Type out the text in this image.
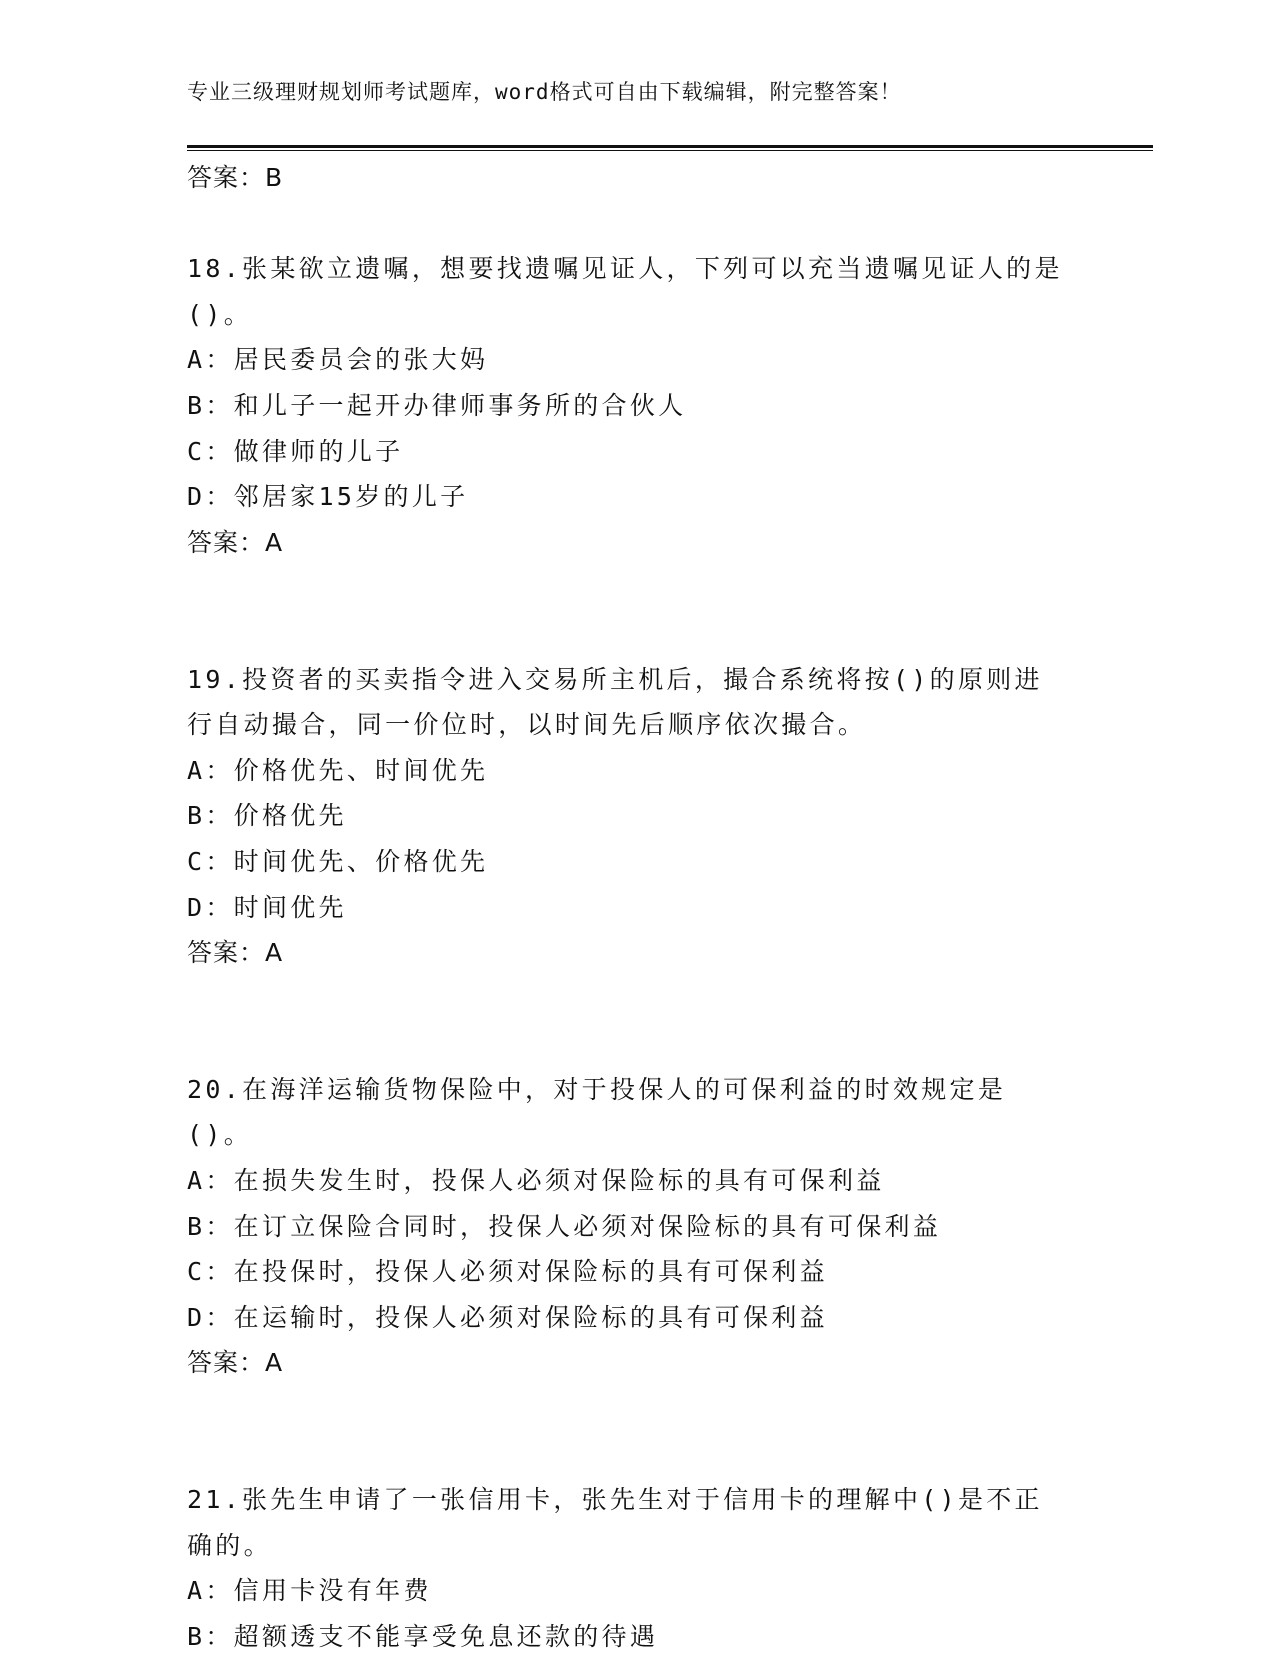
专业三级理财规划师考试题库，word格式可自由下载编辑，附完整答案！
答案：B
18.张某欲立遗嘱，想要找遗嘱见证人，下列可以充当遗嘱见证人的是()。
A：居民委员会的张大妈
B：和儿子一起开办律师事务所的合伙人
C：做律师的儿子
D：邻居家15岁的儿子
答案：A
19.投资者的买卖指令进入交易所主机后，撮合系统将按()的原则进行自动撮合，同一价位时，以时间先后顺序依次撮合。
A：价格优先、时间优先
B：价格优先
C：时间优先、价格优先
D：时间优先
答案：A
20.在海洋运输货物保险中，对于投保人的可保利益的时效规定是()。
A：在损失发生时，投保人必须对保险标的具有可保利益
B：在订立保险合同时，投保人必须对保险标的具有可保利益
C：在投保时，投保人必须对保险标的具有可保利益
D：在运输时，投保人必须对保险标的具有可保利益
答案：A
21.张先生申请了一张信用卡，张先生对于信用卡的理解中()是不正确的。
A：信用卡没有年费
B：超额透支不能享受免息还款的待遇
